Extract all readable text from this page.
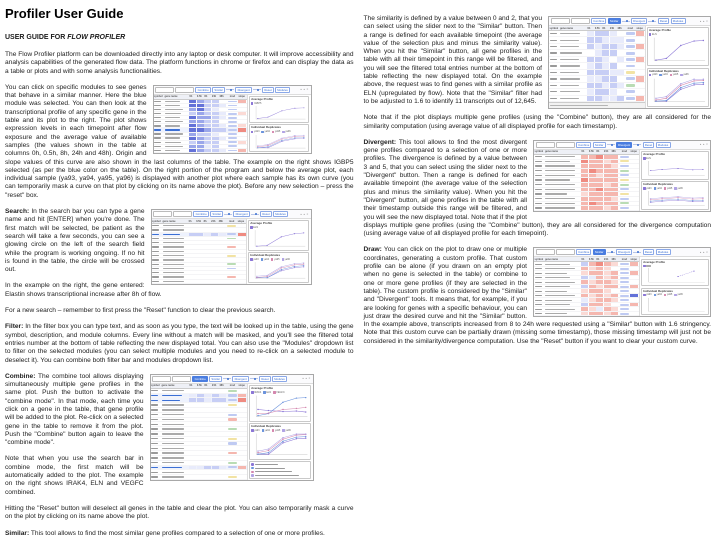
Profiler User Guide
USER GUIDE FOR FLOW PROFILER

The Flow Profiler platform can be downloaded directly into any laptop or desk computer. It will improve accessibility and analysis capabilities of the generated flow data. The platform functions in chrome or firefox and can display the data as a table or plots and with some analysis functionalities.

Combine	Similar	Divergent	Reset	Modules	● ● ✕
symbol gene name	0h	0.5h 8h	24h	48h	mod	slope
Average Profile
IGBP5
Individual Replicates
ya93 ya94 ya95 ya96

You can click on specific modules to see genes that behave in a similar manner. Here the blue module was selected. You can then look at the transcriptional profile of any specific gene in the table and its plot to the right. The plot shows expression levels in each timepoint after flow exposure and the average value of available samples (the values shown in the table at columns 0h, 0.5h, 8h, 24h and 48h). Origin and slope values of this curve are also shown in the last columns of the table. The example on the right shows IGBP5 selected (as per the blue color on the table). On the right portion of the program and below the average plot, each individual sample (ya93, ya94, ya95, ya96) is displayed with another plot where each sample has its own curve (you can temporarily mask a curve on that plot by clicking on its name above the plot). Before any new selection – press the "reset" box.

Combine	Similar	Divergent	Reset	Modules	● ● ✕
symbol gene name	0h	0.5h 8h	24h	48h	mod	slope
Average Profile
ELN
Individual Replicates
ya93 ya94 ya95 ya96

Search: In the search bar you can type a gene name and hit [ENTER] when you're done. The first match will be selected, be patient as the search will take a few seconds, you can see a glowing circle on the left of the search field while the program is working ongoing. If no hit is found in the table, the circle will be crossed out.

In the example on the right, the gene entered: Elastin shows transcriptional increase after 8h of flow.

For a new search – remember to first press the "Reset" function to clear the previous search.

Filter: In the filter box you can type text, and as soon as you type, the text will be looked up in the table, using the gene symbol, description, and module columns. Every line without a match will be masked, and you'll see the filtered total entries number at the bottom of table reflecting the new displayed total. You can also use the "Modules" dropdown list to filter on the selected modules (you can select multiple modules and you need to re-click on a selected module to deselect it). You can combine both filter bar and modules dropdown list.

Combine	Similar	Divergent	Reset	Modules	● ● ✕
symbol gene name	0h	0.5h 8h	24h	48h	mod	slope
Average Profile
IRAK4 ELN VEGFC
Individual Replicates
ya93 ya94 ya95 ya96

Combine: The combine tool allows displaying simultaneously multiple gene profiles in the same plot. Push the button to activate the "combine mode". In that mode, each time you click on a gene in the table, that gene profile will be added to the plot. Re-click on a selected gene in the table to remove it from the plot. Push the "Combine" button again to leave the "combine mode".

Note that when you use the search bar in combine mode, the first match will be automatically added to the plot. The example on the right shows IRAK4, ELN and VEGFC combined.

Hitting the "Reset" button will deselect all genes in the table and clear the plot. You can also temporarily mask a curve on the plot by clicking on its name above the plot.

Similar: This tool allows to find the most similar gene profiles compared to a selection of one or more profiles.

Combine	Similar	Divergent	Reset	Modules	● ● ✕
symbol gene name	0h	0.5h 8h	24h	48h	mod	slope
Average Profile
ELN
Individual Replicates
ya93 ya94 ya95 ya96

The similarity is defined by a value between 0 and 2, that you can select using the slider next to the "Similar" button. Then a range is defined for each available timepoint (the average value of the selection plus and minus the similarity value). When you hit the "Similar" button, all gene profiles in the table with all their timepoint in this range will be filtered, and you will see the filtered total entries number at the bottom of table reflecting the new displayed total. On the example above, the request was to find genes with a similar profile as ELN (upregulated by flow). Note that the "Similar" filter had to be adjusted to 1.6 to identify 11 transcripts out of 12,645.

Note that if the plot displays multiple gene profiles (using the "Combine" button), they are all considered for the similarity computation (using average value of all displayed profile for each timestamp).

Combine	Similar	Divergent	Reset	Modules	● ● ✕
symbol gene name	0h	0.5h 8h	24h	48h	mod	slope
Average Profile
ELN
Individual Replicates
ya93 ya94 ya95 ya96

Divergent: This tool allows to find the most divergent gene profiles compared to a selection of one or more profiles. The divergence is defined by a value between 3 and 5, that you can select using the slider next to the "Divergent" button. Then a range is defined for each available timepoint (the average value of the selection plus and minus the similarity value). When you hit the "Divergent" button, all gene profiles in the table with all their timestamp outside this range will be filtered, and you will see the new displayed total. Note that if the plot displays multiple gene profiles (using the "Combine" button), they are all considered for the divergence computation (using average value of all displayed profile for each timepoint).

Combine	Similar	Divergent	Reset	Modules	● ● ✕
symbol gene name	0h	0.5h 8h	24h	48h	mod	slope
Average Profile
Individual Replicates
ya93 ya94 ya95 ya96

Draw: You can click on the plot to draw one or multiple coordinates, generating a custom profile. That custom profile can be alone (if you drawn on an empty plot when no gene is selected in the table) or combine to one or more gene profiles (if they are selected in the table). The custom profile is considered by the "Similar" and "Divergent" tools. It means that, for example, if you are looking for genes with a specific behaviour, you can just draw the desired curve and hit the "Similar" button. In the example above, transcripts increased from 8 to 24h were requested using a "Similar" button with 1.6 stringency. Note that this custom curve can be partially drawn (missing some timestamp), those missing timestamp will just not be considered in the similarity/divergence computation. Use the "Reset" button if you want to clear your custom curve.
